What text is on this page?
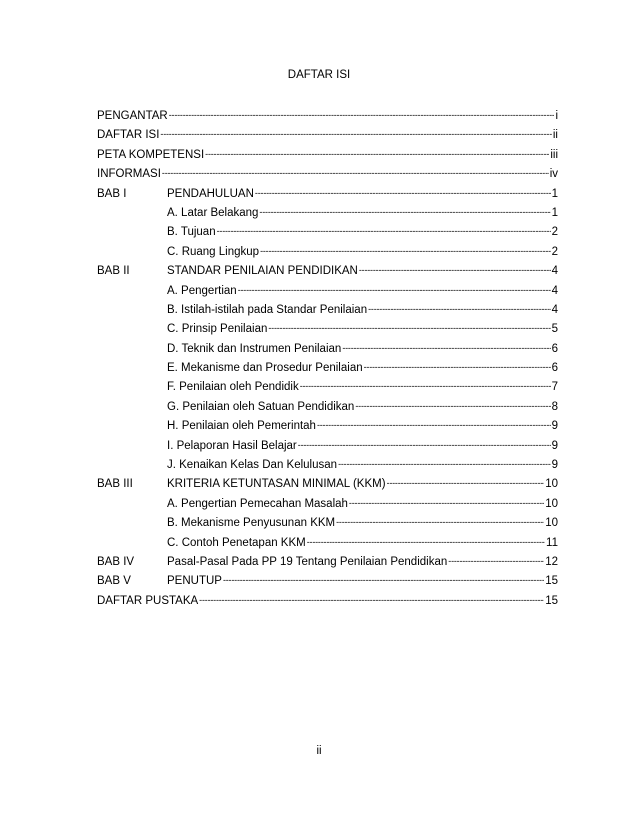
DAFTAR ISI
PENGANTAR -----	i
DAFTAR ISI -----	ii
PETA KOMPETENSI -----	iii
INFORMASI -----	iv
BAB I	PENDAHULUAN -----	1
A. Latar Belakang -----	1
B. Tujuan -----	2
C. Ruang Lingkup -----	2
BAB II	STANDAR PENILAIAN PENDIDIKAN -----	4
A. Pengertian -----	4
B. Istilah-istilah pada Standar Penilaian -----	4
C. Prinsip Penilaian -----	5
D. Teknik dan Instrumen Penilaian -----	6
E. Mekanisme dan Prosedur Penilaian -----	6
F. Penilaian oleh Pendidik -----	7
G. Penilaian oleh Satuan Pendidikan -----	8
H. Penilaian oleh Pemerintah -----	9
I. Pelaporan Hasil Belajar -----	9
J. Kenaikan Kelas Dan Kelulusan -----	9
BAB III	KRITERIA KETUNTASAN MINIMAL (KKM) -----	10
A. Pengertian Pemecahan Masalah -----	10
B. Mekanisme Penyusunan KKM -----	10
C. Contoh Penetapan KKM -----	11
BAB IV	Pasal-Pasal Pada PP 19 Tentang Penilaian Pendidikan -----	12
BAB V	PENUTUP -----	15
DAFTAR PUSTAKA -----	15
ii
